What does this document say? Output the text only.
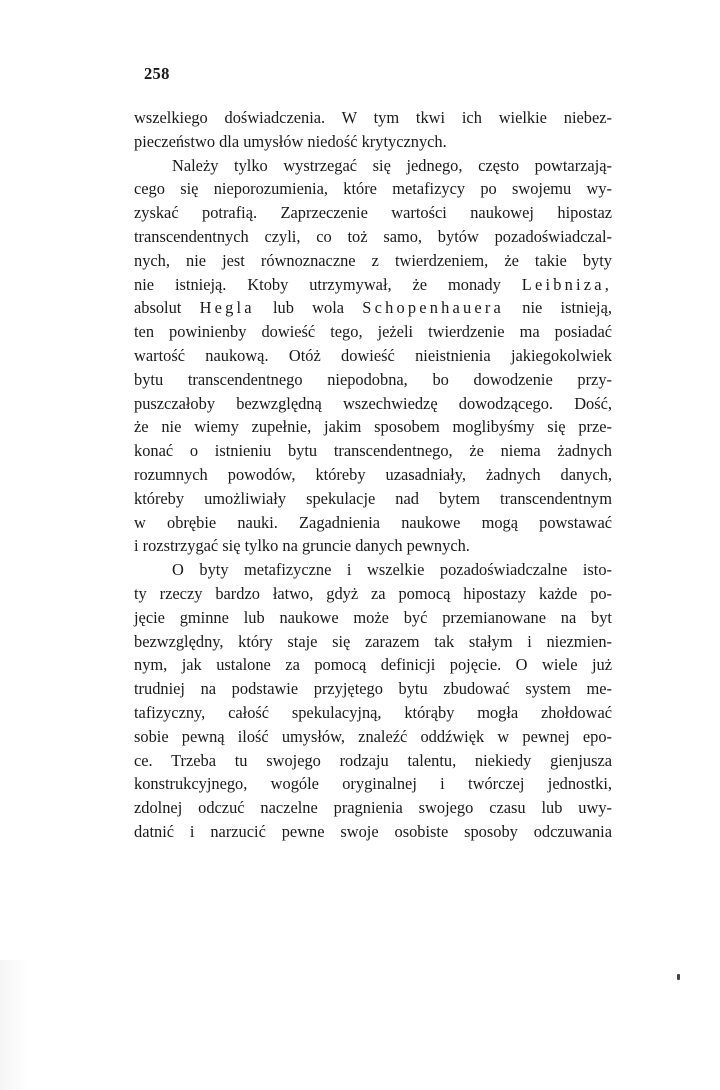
258
wszelkiego doświadczenia. W tym tkwi ich wielkie niebez-
pieczeństwo dla umysłów niedość krytycznych.
Należy tylko wystrzegać się jednego, często powtarzają-
cego się nieporozumienia, które metafizycy po swojemu wy-
zyskać potrafią. Zaprzeczenie wartości naukowej hipostaz
transcendentnych czyli, co toż samo, bytów pozadoświadczal-
nych, nie jest równoznaczne z twierdzeniem, że takie byty
nie istnieją. Ktoby utrzymywał, że monady Leibniza,
absolut Hegla lub wola Schopenhauera nie istnieją,
ten powinienby dowieść tego, jeżeli twierdzenie ma posiadać
wartość naukową. Otóż dowieść nieistnienia jakiegokolwiek
bytu transcendentnego niepodobna, bo dowodzenie przy-
puszczałoby bezwzględną wszechwiedzę dowodzącego. Dość,
że nie wiemy zupełnie, jakim sposobem moglibyśmy się prze-
konać o istnieniu bytu transcendentnego, że niema żadnych
rozumnych powodów, któreby uzasadniały, żadnych danych,
któreby umożliwiały spekulacje nad bytem transcendentnym
w obrębie nauki. Zagadnienia naukowe mogą powstawać
i rozstrzygać się tylko na gruncie danych pewnych.
O byty metafizyczne i wszelkie pozadoświadczalne isto-
ty rzeczy bardzo łatwo, gdyż za pomocą hipostazy każde po-
jęcie gminne lub naukowe może być przemianowane na byt
bezwzględny, który staje się zarazem tak stałym i niezmien-
nym, jak ustalone za pomocą definicji pojęcie. O wiele już
trudniej na podstawie przyjętego bytu zbudować system me-
tafizyczny, całość spekulacyjną, którąby mogła zhołdować
sobie pewną ilość umysłów, znaleźć oddźwięk w pewnej epo-
ce. Trzeba tu swojego rodzaju talentu, niekiedy gienjusza
konstrukcyjnego, wogóle oryginalnej i twórczej jednostki,
zdolnej odczuć naczelne pragnienia swojego czasu lub uwy-
datnić i narzucić pewne swoje osobiste sposoby odczuwania
